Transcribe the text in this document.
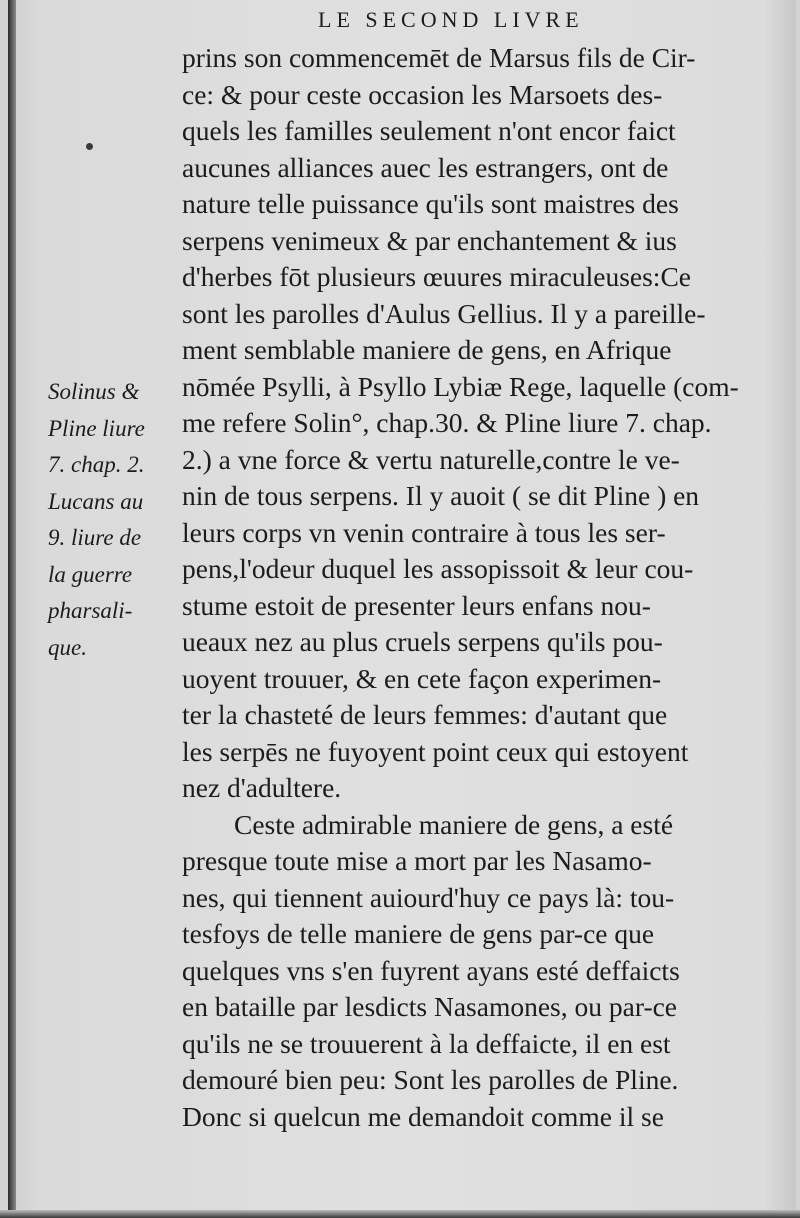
LE SECOND LIVRE
prins son commencemēt de Marsus fils de Cir-
ce: & pour ceste occasion les Marsoets des-
quels les familles seulement n'ont encor faict
aucunes alliances auec les estrangers, ont de
nature telle puissance qu'ils sont maistres des
serpens venimeux & par enchantement & ius
d'herbes fōt plusieurs œuures miraculeuses:Ce
sont les parolles d'Aulus Gellius. Il y a pareille-
ment semblable maniere de gens, en Afrique
nōmée Psylli, à Psyllo Lybiæ Rege, laquelle (com-
me refere Solin°, chap.30. & Pline liure 7. chap.
2.) a vne force & vertu naturelle,contre le ve-
nin de tous serpens. Il y auoit ( se dit Pline ) en
leurs corps vn venin contraire à tous les ser-
pens,l'odeur duquel les assopissoit & leur cou-
stume estoit de presenter leurs enfans nou-
ueaux nez au plus cruels serpens qu'ils pou-
uoyent trouuer, & en cete façon experimen-
ter la chasteté de leurs femmes: d'autant que
les serpēs ne fuyoyent point ceux qui estoyent
nez d'adultere.
Ceste admirable maniere de gens, a esté
presque toute mise a mort par les Nasamo-
nes, qui tiennent auiourd'huy ce pays là: tou-
tesfoys de telle maniere de gens par-ce que
quelques vns s'en fuyrent ayans esté deffaicts
en bataille par lesdicts Nasamones, ou par-ce
qu'ils ne se trouuerent à la deffaicte, il en est
demouré bien peu: Sont les parolles de Pline.
Donc si quelcun me demandoit comme il se
Solinus &
Pline liure
7. chap. 2.
Lucans au
9. liure de
la guerre
pharsali-
que.
